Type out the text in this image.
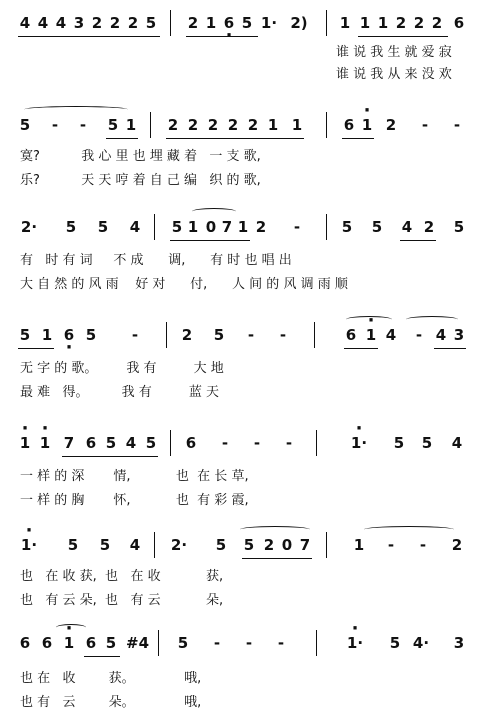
4 4 4 3 2 2 2 5 2 1 6 · 5 1· 2) 1 1 1 2 2 2 6
谁 说 我 生 就 爱 寂
谁 说 我 从 来 没 欢
5 - - 5 1 2 2 2 2 2 1 1	6 · 1 2 - -
寞?          我 心 里 也 埋 藏 着   一 支 歌,
乐?          天 天 哼 着 自 己 编   织 的 歌,
2· 5 5 4 5 1 0 7 1 2 -	5 5 4 2 5
有   时 有 词     不 成      调,      有 时 也 唱 出
大 自 然 的 风 雨    好 对      付,      人 间 的 风 调 雨 顺
5 1 6 · 5 -	2 5 - -	6 · 1 4 - 4 3
无 字 的 歌。       我 有         大 地
最 难   得。        我 有         蓝 天
· 1 · 1 7 6 5 4 5 6 - - -	· 1· 5 5 4
一 样 的 深       情,           也  在 长 草,
一 样 的 胸       怀,           也  有 彩 霞,
· 1· 5 5 4 2· 5 5 2 0 7	1 - - 2
也   在 收 获,  也   在 收           获,
也   有 云 朵,  也   有 云           朵,
6 6 · 1 6 5 #4 5 - - -	· 1· 5 4· 3
也 在   收        获。            哦,
也 有   云        朵。            哦,
